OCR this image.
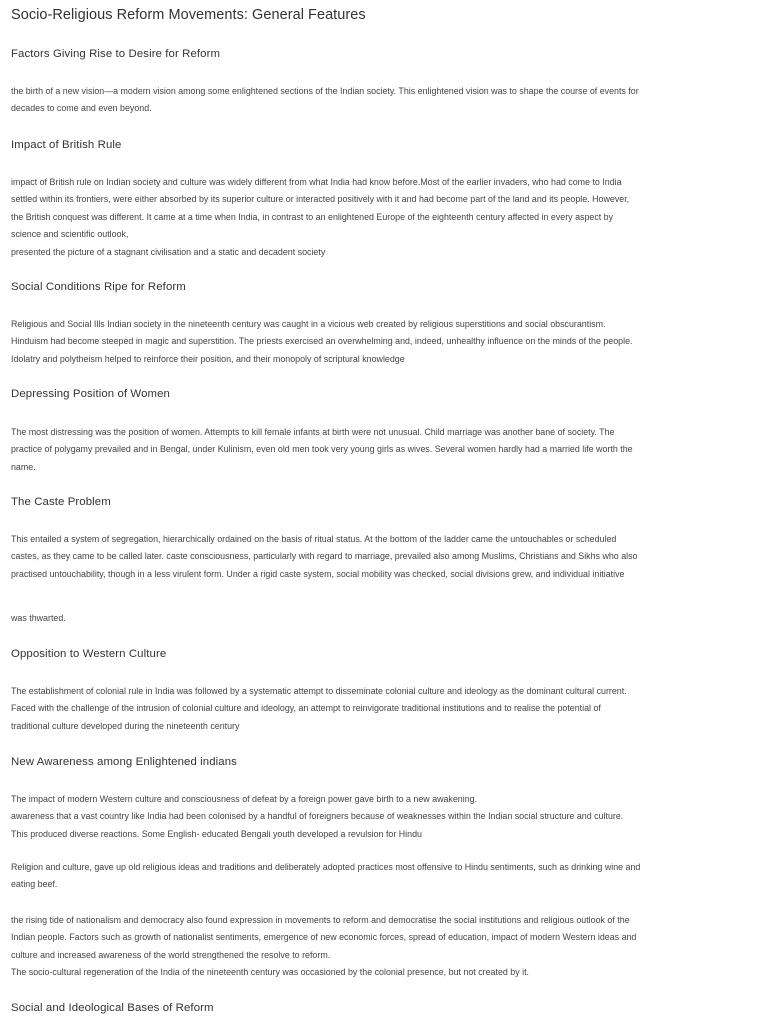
Socio-Religious Reform Movements: General Features
Factors Giving Rise to Desire for Reform
the birth of a new vision—a modern vision among some enlightened sections of the Indian society. This enlightened vision was to shape the course of events for
decades to come and even beyond.
Impact of British Rule
impact of British rule on Indian society and culture was widely different from what India had know before.Most of the earlier invaders, who had come to India
settled within its frontiers, were either absorbed by its superior culture or interacted positively with it and had become part of the land and its people. However,
the British conquest was different. It came at a time when India, in contrast to an enlightened Europe of the eighteenth century affected in every aspect by
science and scientific outlook,
presented the picture of a stagnant civilisation and a static and decadent society
Social Conditions Ripe for Reform
Religious and Social Ills Indian society in the nineteenth century was caught in a vicious web created by religious superstitions and social obscurantism.
Hinduism had become steeped in magic and superstition. The priests exercised an overwhelming and, indeed, unhealthy influence on the minds of the people.
Idolatry and polytheism helped to reinforce their position, and their monopoly of scriptural knowledge
Depressing Position of Women
The most distressing was the position of women. Attempts to kill female infants at birth were not unusual. Child marriage was another bane of society. The
practice of polygamy prevailed and in Bengal, under Kulinism, even old men took very young girls as wives. Several women hardly had a married life worth the
name.
The Caste Problem
This entailed a system of segregation, hierarchically ordained on the basis of ritual status. At the bottom of the ladder came the untouchables or scheduled
castes, as they came to be called later. caste consciousness, particularly with regard to marriage, prevailed also among Muslims, Christians and Sikhs who also
practised untouchability, though in a less virulent form. Under a rigid caste system, social mobility was checked, social divisions grew, and individual initiative
was thwarted.
Opposition to Western Culture
The establishment of colonial rule in India was followed by a systematic attempt to disseminate colonial culture and ideology as the dominant cultural current.
Faced with the challenge of the intrusion of colonial culture and ideology, an attempt to reinvigorate traditional institutions and to realise the potential of
traditional culture developed during the nineteenth century
New Awareness among Enlightened indians
The impact of modern Western culture and consciousness of defeat by a foreign power gave birth to a new awakening.
awareness that a vast country like India had been colonised by a handful of foreigners because of weaknesses within the Indian social structure and culture.
This produced diverse reactions. Some English- educated Bengali youth developed a revulsion for Hindu
Religion and culture, gave up old religious ideas and traditions and deliberately adopted practices most offensive to Hindu sentiments, such as drinking wine and
eating beef.
the rising tide of nationalism and democracy also found expression in movements to reform and democratise the social institutions and religious outlook of the
Indian people. Factors such as growth of nationalist sentiments, emergence of new economic forces, spread of education, impact of modern Western ideas and
culture and increased awareness of the world strengthened the resolve to reform.
The socio-cultural regeneration of the India of the nineteenth century was occasioned by the colonial presence, but not created by it.
Social and Ideological Bases of Reform
